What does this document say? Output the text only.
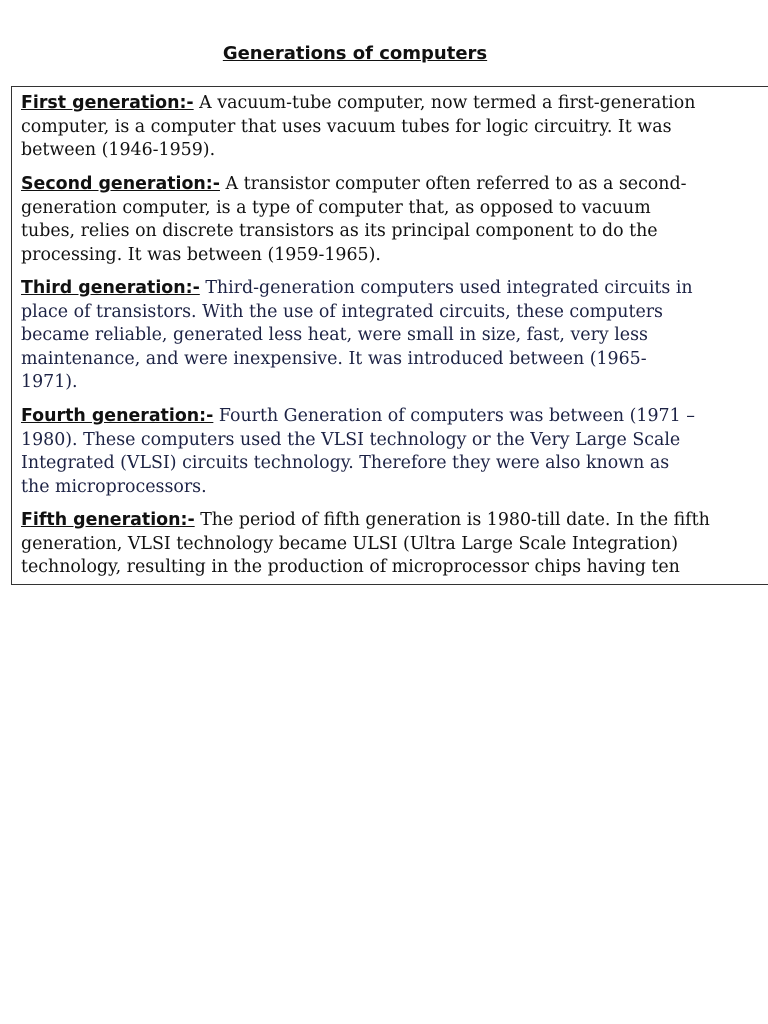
Generations of computers

First generation:- A vacuum-tube computer, now termed a first-generation
computer, is a computer that uses vacuum tubes for logic circuitry. It was
between (1946-1959).

Second generation:- A transistor computer often referred to as a second-
generation computer, is a type of computer that, as opposed to vacuum
tubes, relies on discrete transistors as its principal component to do the
processing. It was between (1959-1965).

Third generation:- Third-generation computers used integrated circuits in
place of transistors. With the use of integrated circuits, these computers
became reliable, generated less heat, were small in size, fast, very less
maintenance, and were inexpensive. It was introduced between (1965-
1971).

Fourth generation:- Fourth Generation of computers was between (1971 –
1980). These computers used the VLSI technology or the Very Large Scale
Integrated (VLSI) circuits technology. Therefore they were also known as
the microprocessors.

Fifth generation:- The period of fifth generation is 1980-till date. In the fifth
generation, VLSI technology became ULSI (Ultra Large Scale Integration)
technology, resulting in the production of microprocessor chips having ten
